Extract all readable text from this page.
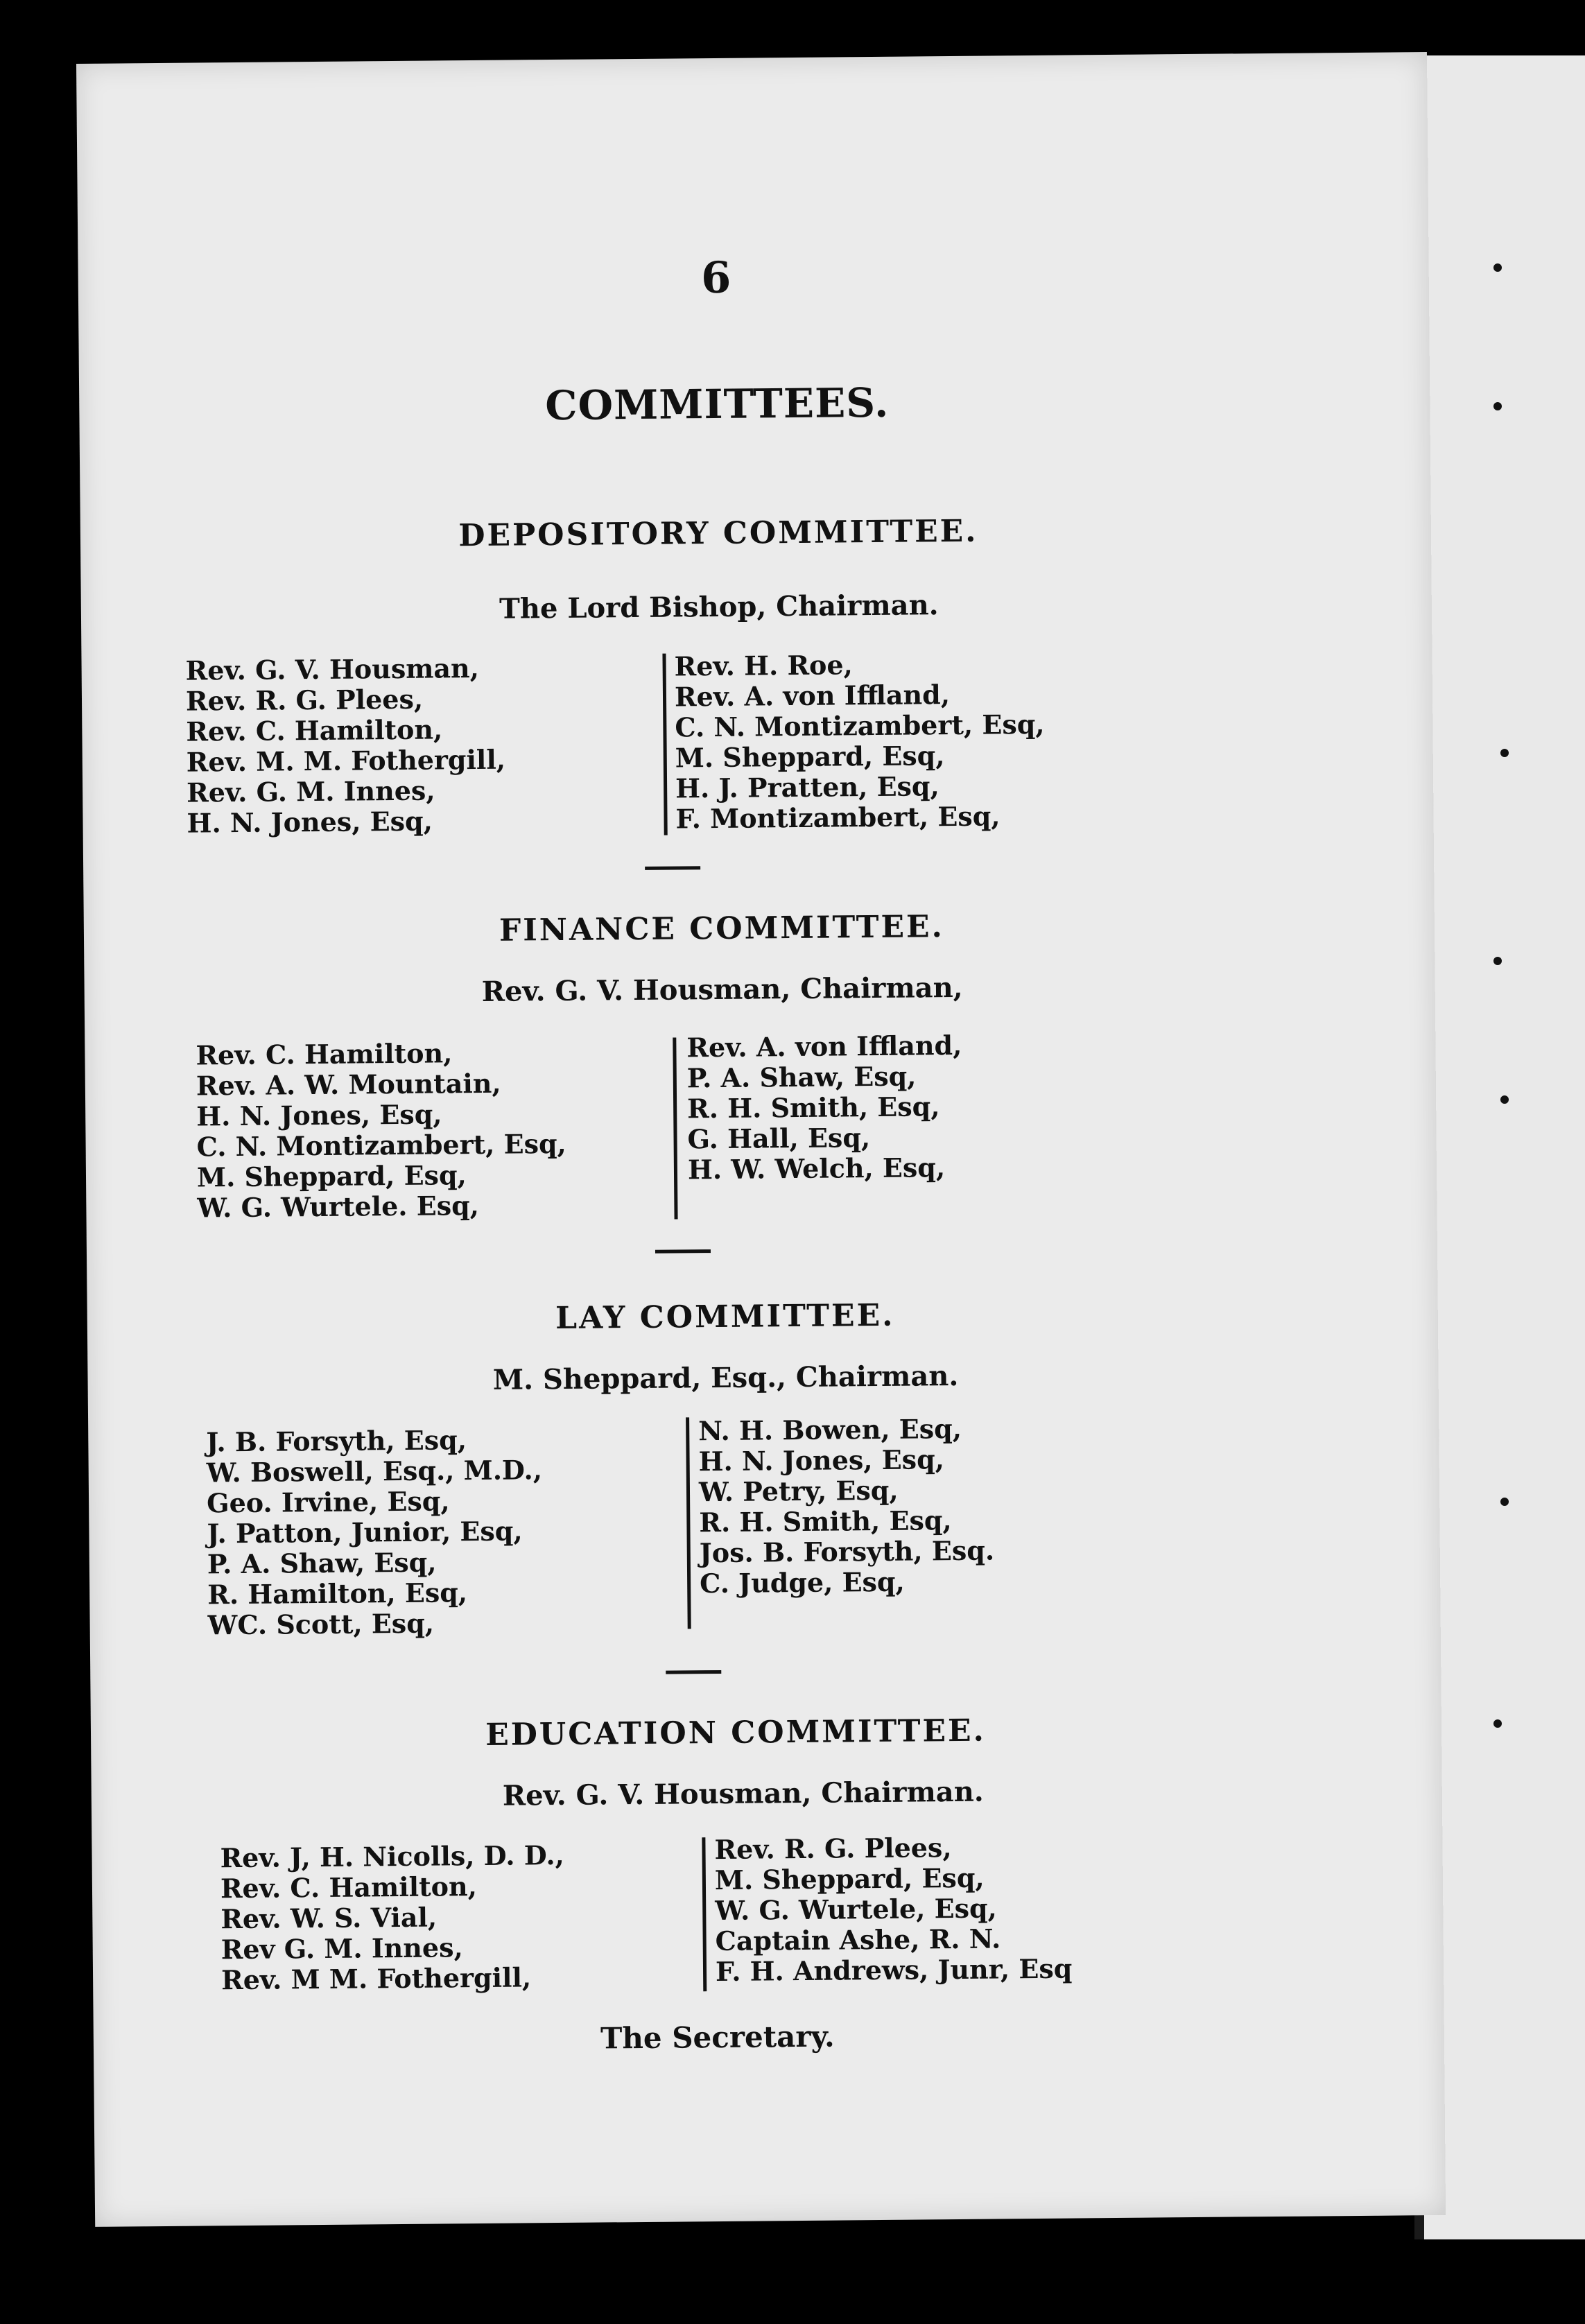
6
COMMITTEES.
DEPOSITORY COMMITTEE.
The Lord Bishop, Chairman.
Rev. G. V. Housman,
Rev. R. G. Plees,
Rev. C. Hamilton,
Rev. M. M. Fothergill,
Rev. G. M. Innes,
H. N. Jones, Esq,
Rev. H. Roe,
Rev. A. von Iffland,
C. N. Montizambert, Esq,
M. Sheppard, Esq,
H. J. Pratten, Esq,
F. Montizambert, Esq,
FINANCE COMMITTEE.
Rev. G. V. Housman, Chairman,
Rev. C. Hamilton,
Rev. A. W. Mountain,
H. N. Jones, Esq,
C. N. Montizambert, Esq,
M. Sheppard, Esq,
W. G. Wurtele. Esq,
Rev. A. von Iffland,
P. A. Shaw, Esq,
R. H. Smith, Esq,
G. Hall, Esq,
H. W. Welch, Esq,
LAY COMMITTEE.
M. Sheppard, Esq., Chairman.
J. B. Forsyth, Esq,
W. Boswell, Esq., M.D.,
Geo. Irvine, Esq,
J. Patton, Junior, Esq,
P. A. Shaw, Esq,
R. Hamilton, Esq,
WC. Scott, Esq,
N. H. Bowen, Esq,
H. N. Jones, Esq,
W. Petry, Esq,
R. H. Smith, Esq,
Jos. B. Forsyth, Esq.
C. Judge, Esq,
EDUCATION COMMITTEE.
Rev. G. V. Housman, Chairman.
Rev. J, H. Nicolls, D. D.,
Rev. C. Hamilton,
Rev. W. S. Vial,
Rev G. M. Innes,
Rev. M M. Fothergill,
Rev. R. G. Plees,
M. Sheppard, Esq,
W. G. Wurtele, Esq,
Captain Ashe, R. N.
F. H. Andrews, Junr, Esq
The Secretary.
